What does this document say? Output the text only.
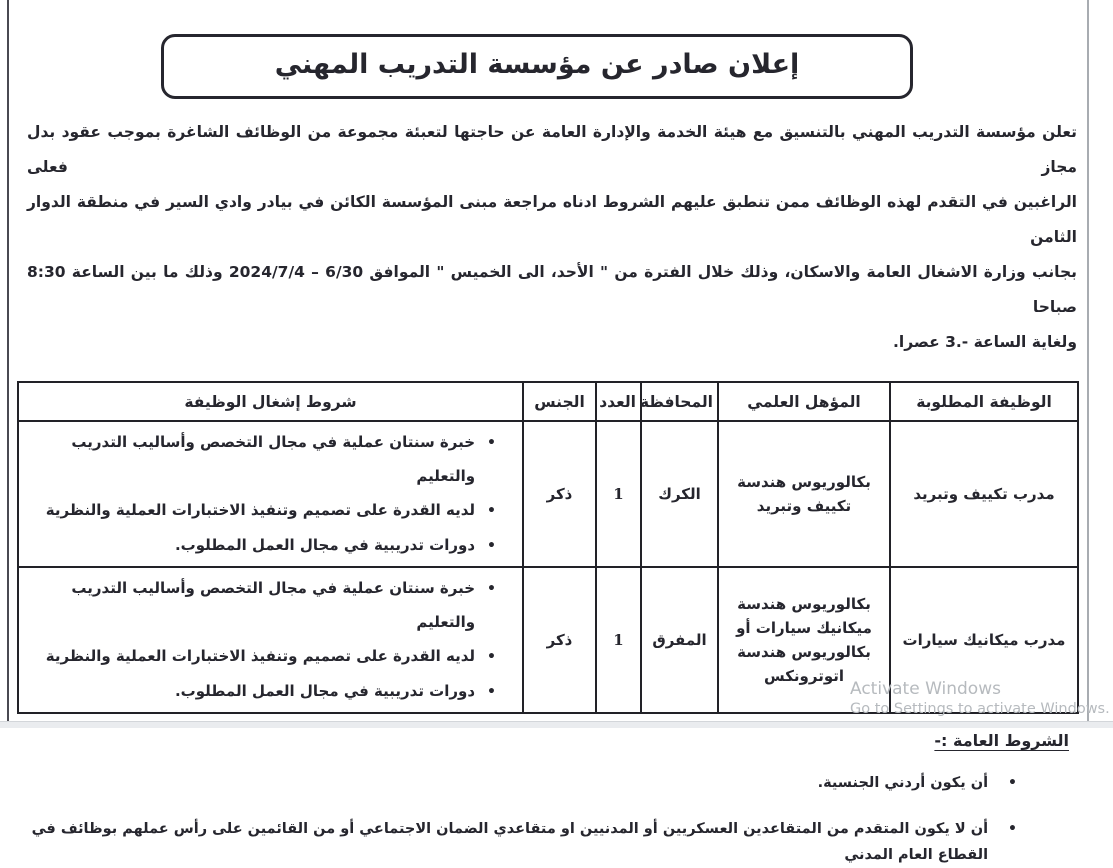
إعلان صادر عن مؤسسة التدريب المهني
تعلن مؤسسة التدريب المهني بالتنسيق مع هيئة الخدمة والإدارة العامة عن حاجتها لتعبئة مجموعة من الوظائف الشاغرة بموجب عقود بدل مجاز فعلى
الراغبين في التقدم لهذه الوظائف ممن تنطبق عليهم الشروط ادناه مراجعة مبنى المؤسسة الكائن في بيادر وادي السير في منطقة الدوار الثامن
بجانب وزارة الاشغال العامة والاسكان، وذلك خلال الفترة من " الأحد، الى الخميس " الموافق 6/30 – 2024/7/4 وذلك ما بين الساعة 8:30 صباحا
ولغاية الساعة -.3 عصرا.
الوظيفة المطلوبة	المؤهل العلمي	المحافظة	العدد	الجنس	شروط إشغال الوظيفة
مدرب تكييف وتبريد	بكالوريوس هندسة تكييف وتبريد	الكرك	1	ذكر	
•
خبرة سنتان عملية في مجال التخصص وأساليب التدريب والتعليم
•
لديه القدرة على تصميم وتنفيذ الاختبارات العملية والنظرية
•
دورات تدريبية في مجال العمل المطلوب.

مدرب ميكانيك سيارات	بكالوريوس هندسة ميكانيك سيارات أو بكالوريوس هندسة اتوترونكس	المفرق	1	ذكر	
•
خبرة سنتان عملية في مجال التخصص وأساليب التدريب والتعليم
•
لديه القدرة على تصميم وتنفيذ الاختبارات العملية والنظرية
•
دورات تدريبية في مجال العمل المطلوب.
الشروط العامة :-
•
أن يكون أردني الجنسية.
•
أن لا يكون المتقدم من المتقاعدين العسكريين أو المدنيين او متقاعدي الضمان الاجتماعي أو من القائمين على رأس عملهم بوظائف في القطاع العام المدني
Activate Windows
Go to Settings to activate Windows.
